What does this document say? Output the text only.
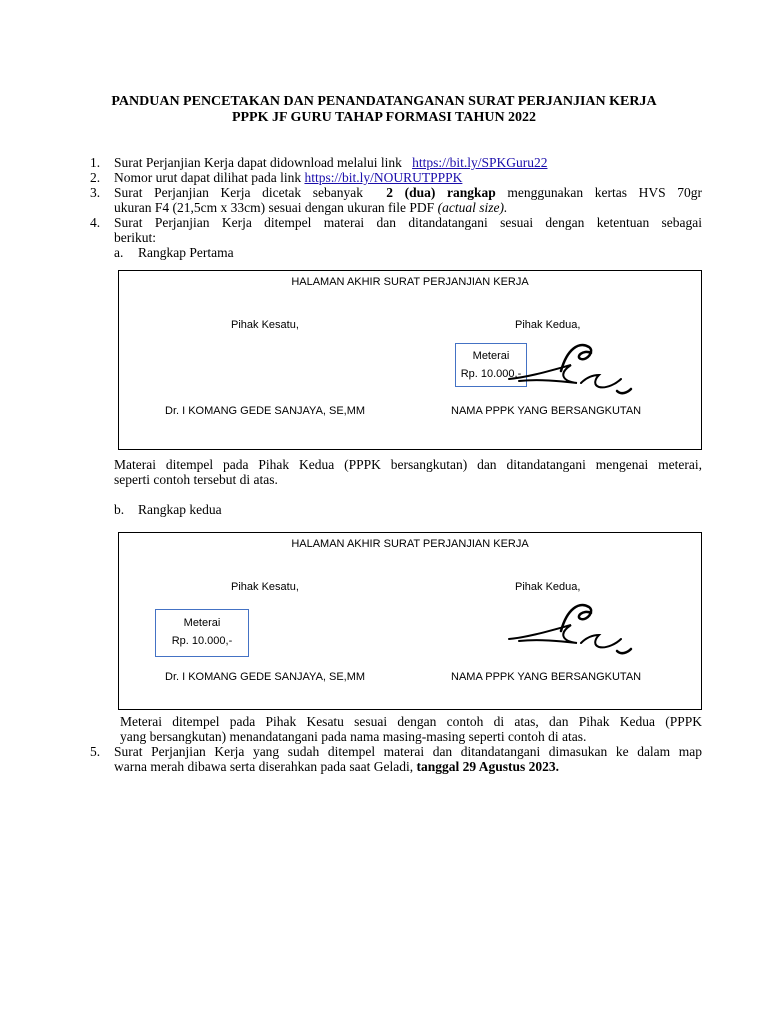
PANDUAN PENCETAKAN DAN PENANDATANGANAN SURAT PERJANJIAN KERJA
PPPK JF GURU TAHAP FORMASI TAHUN 2022
1. Surat Perjanjian Kerja dapat didownload melalui link https://bit.ly/SPKGuru22
2. Nomor urut dapat dilihat pada link https://bit.ly/NOURUTPPPK
3. Surat Perjanjian Kerja dicetak sebanyak 2 (dua) rangkap menggunakan kertas HVS 70gr
ukuran F4 (21,5cm x 33cm) sesuai dengan ukuran file PDF (actual size).
4. Surat Perjanjian Kerja ditempel materai dan ditandatangani sesuai dengan ketentuan sebagai
berikut:
a. Rangkap Pertama
HALAMAN AKHIR SURAT PERJANJIAN KERJA
Pihak Kesatu,	Pihak Kedua,
Meterai
Rp. 10.000,-
Dr. I KOMANG GEDE SANJAYA, SE,MM	NAMA PPPK YANG BERSANGKUTAN
Materai ditempel pada Pihak Kedua (PPPK bersangkutan) dan ditandatangani mengenai meterai,
seperti contoh tersebut di atas.
b. Rangkap kedua
HALAMAN AKHIR SURAT PERJANJIAN KERJA
Pihak Kesatu,	Pihak Kedua,
Meterai
Rp. 10.000,-
Dr. I KOMANG GEDE SANJAYA, SE,MM	NAMA PPPK YANG BERSANGKUTAN
Meterai ditempel pada Pihak Kesatu sesuai dengan contoh di atas, dan Pihak Kedua (PPPK
yang bersangkutan) menandatangani pada nama masing-masing seperti contoh di atas.
5. Surat Perjanjian Kerja yang sudah ditempel materai dan ditandatangani dimasukan ke dalam map
warna merah dibawa serta diserahkan pada saat Geladi, tanggal 29 Agustus 2023.
